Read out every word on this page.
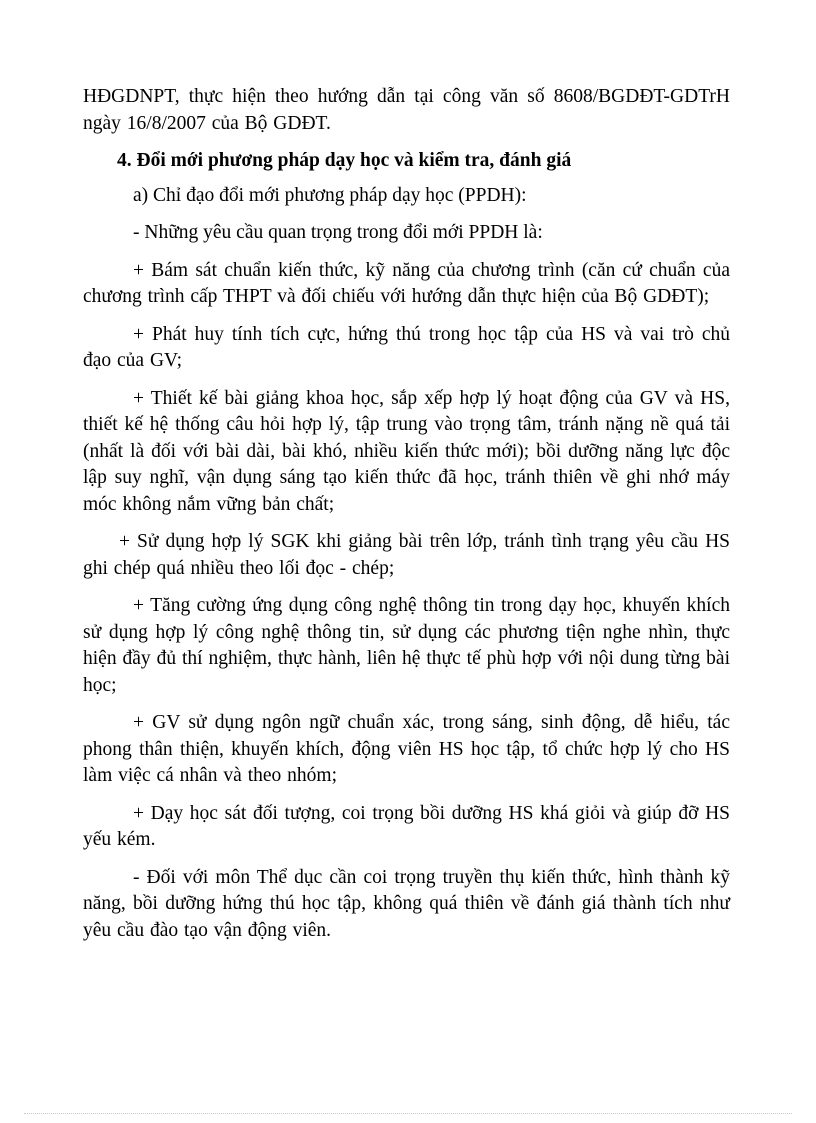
HĐGDNPT, thực hiện theo hướng dẫn tại công văn số 8608/BGDĐT-GDTrH ngày 16/8/2007 của Bộ GDĐT.

4. Đổi mới phương pháp dạy học và kiểm tra, đánh giá

a) Chỉ đạo đổi mới phương pháp dạy học (PPDH):

- Những yêu cầu quan trọng trong đổi mới PPDH là:

+ Bám sát chuẩn kiến thức, kỹ năng của chương trình (căn cứ chuẩn của chương trình cấp THPT và đối chiếu với hướng dẫn thực hiện của Bộ GDĐT);

+ Phát huy tính tích cực, hứng thú trong học tập của HS và vai trò chủ đạo của GV;

+ Thiết kế bài giảng khoa học, sắp xếp hợp lý hoạt động của GV và HS, thiết kế hệ thống câu hỏi hợp lý, tập trung vào trọng tâm, tránh nặng nề quá tải (nhất là đối với bài dài, bài khó, nhiều kiến thức mới); bồi dưỡng năng lực độc lập suy nghĩ, vận dụng sáng tạo kiến thức đã học, tránh thiên về ghi nhớ máy móc không nắm vững bản chất;

+ Sử dụng hợp lý SGK khi giảng bài trên lớp, tránh tình trạng yêu cầu HS ghi chép quá nhiều theo lối đọc - chép;

+ Tăng cường ứng dụng công nghệ thông tin trong dạy học, khuyến khích sử dụng hợp lý công nghệ thông tin, sử dụng các phương tiện nghe nhìn, thực hiện đầy đủ thí nghiệm, thực hành, liên hệ thực tế phù hợp với nội dung từng bài học;

+ GV sử dụng ngôn ngữ chuẩn xác, trong sáng, sinh động, dễ hiểu, tác phong thân thiện, khuyến khích, động viên HS học tập, tổ chức hợp lý cho HS làm việc cá nhân và theo nhóm;

+ Dạy học sát đối tượng, coi trọng bồi dưỡng HS khá giỏi và giúp đỡ HS yếu kém.

- Đối với môn Thể dục cần coi trọng truyền thụ kiến thức, hình thành kỹ năng, bồi dưỡng hứng thú học tập, không quá thiên về đánh giá thành tích như yêu cầu đào tạo vận động viên.
